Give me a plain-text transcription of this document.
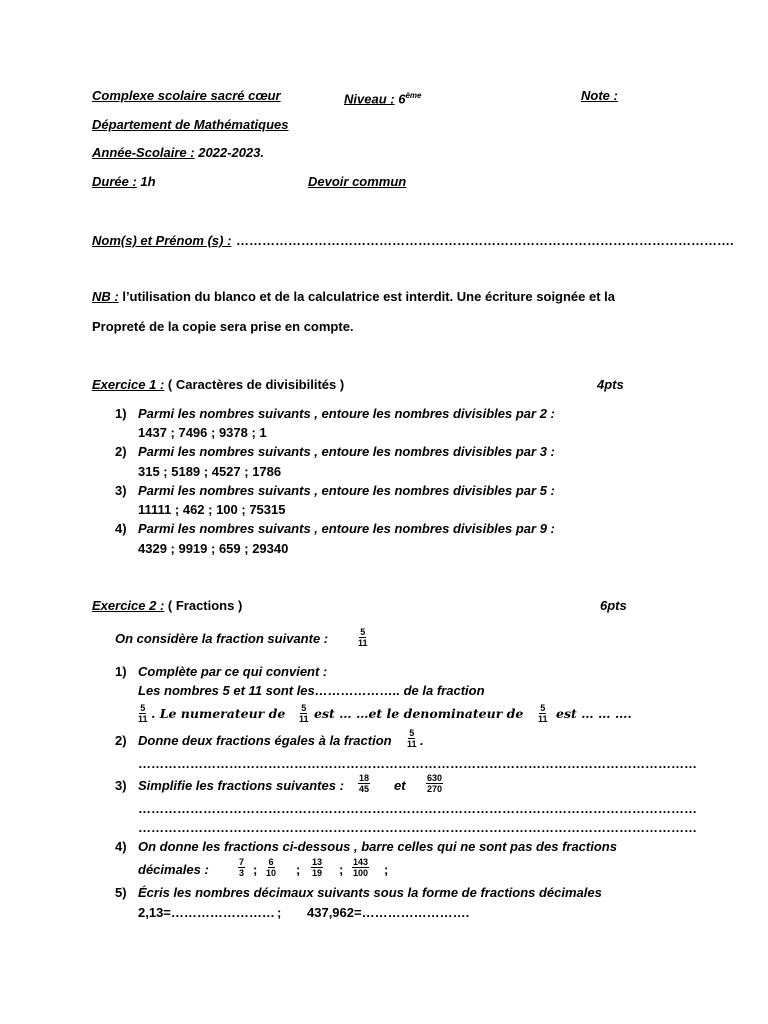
Complexe scolaire sacré cœur	Niveau : 6ème	Note :
Département de Mathématiques
Année-Scolaire : 2022-2023.
Durée : 1h	Devoir commun
Nom(s) et Prénom (s) : …………………………………………………………………………………………………….
NB : l’utilisation du blanco et de la calculatrice est interdit. Une écriture soignée et la
Propreté de la copie sera prise en compte.
Exercice 1 : ( Caractères de divisibilités )	4pts
1) Parmi les nombres suivants , entoure les nombres divisibles par 2 :
1437 ; 7496 ; 9378 ; 1
2) Parmi les nombres suivants , entoure les nombres divisibles par 3 :
315 ; 5189 ; 4527 ; 1786
3) Parmi les nombres suivants , entoure les nombres divisibles par 5 :
11111 ; 462 ; 100 ; 75315
4) Parmi les nombres suivants , entoure les nombres divisibles par 9 :
4329 ; 9919 ; 659 ; 29340
Exercice 2 : ( Fractions )	6pts
On considère la fraction suivante :	$\frac{5}{11}$
1) Complète par ce qui convient :
Les nombres 5 et 11 sont les……………….. de la fraction
$\frac{5}{11}$ . Le numerateur de $\frac{5}{11}$ est … …et le denominateur de $\frac{5}{11}$ est … … ….
2) Donne deux fractions égales à la fraction $\frac{5}{11}$ .
…………………………………………………………………………………………………………………
3) Simplifie les fractions suivantes : $\frac{18}{45}$ et $\frac{630}{270}$
…………………………………………………………………………………………………………………
…………………………………………………………………………………………………………………
4) On donne les fractions ci-dessous , barre celles qui ne sont pas des fractions
décimales :	$\frac{7}{3}$ ; $\frac{6}{10}$ ; $\frac{13}{19}$ ; $\frac{143}{100}$ ;
5) Écris les nombres décimaux suivants sous la forme de fractions décimales
2,13=…………………… ; 437,962=…………………….
